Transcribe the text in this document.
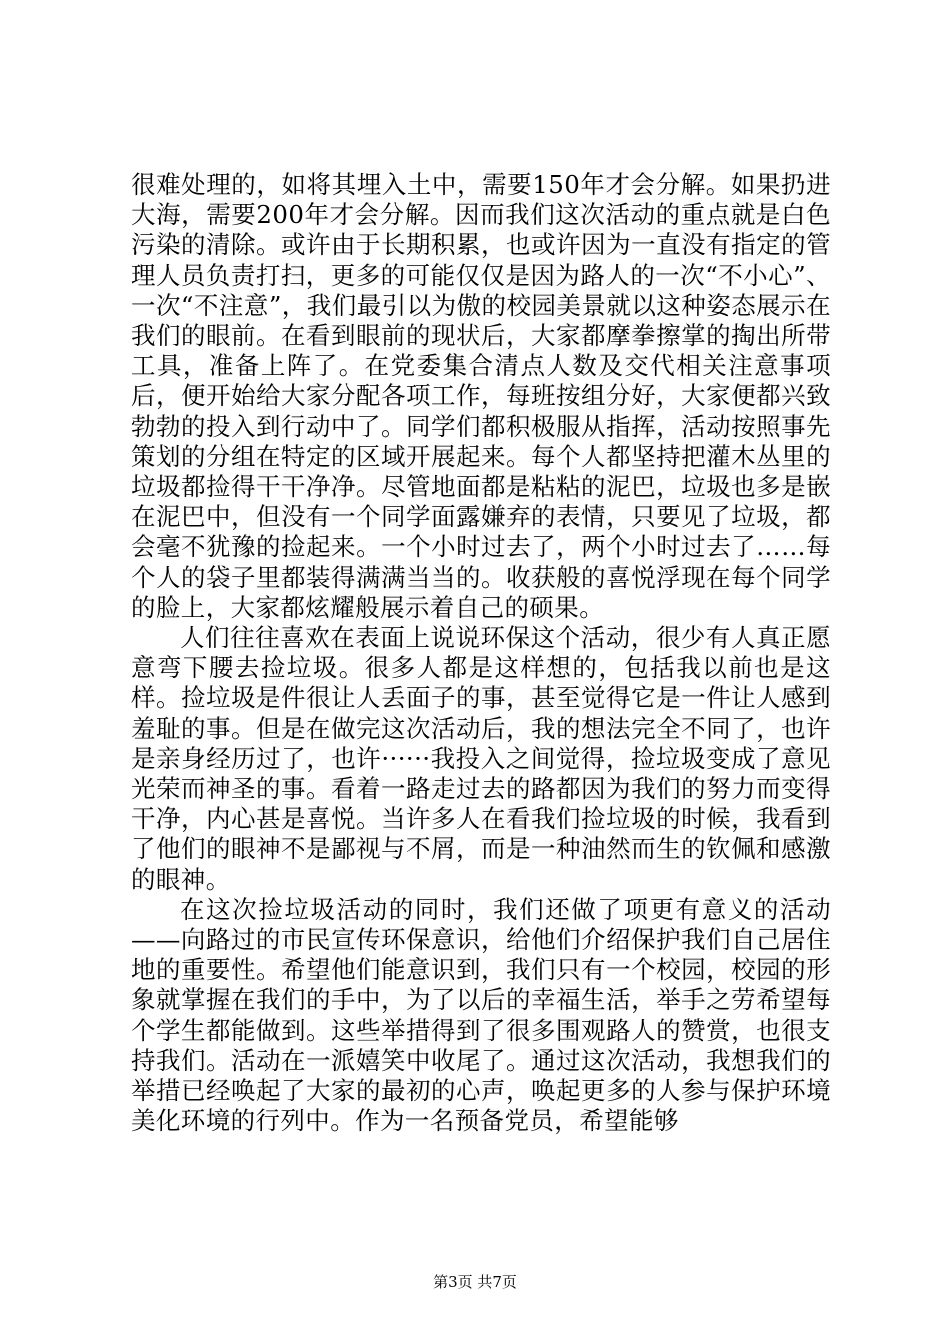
很难处理的，如将其埋入土中，需要150年才会分解。如果扔进大海，需要200年才会分解。因而我们这次活动的重点就是白色污染的清除。或许由于长期积累，也或许因为一直没有指定的管理人员负责打扫，更多的可能仅仅是因为路人的一次“不小心”、一次“不注意”，我们最引以为傲的校园美景就以这种姿态展示在我们的眼前。在看到眼前的现状后，大家都摩拳擦掌的掏出所带工具，准备上阵了。在党委集合清点人数及交代相关注意事项后，便开始给大家分配各项工作，每班按组分好，大家便都兴致勃勃的投入到行动中了。同学们都积极服从指挥，活动按照事先策划的分组在特定的区域开展起来。每个人都坚持把灌木丛里的垃圾都捡得干干净净。尽管地面都是粘粘的泥巴，垃圾也多是嵌在泥巴中，但没有一个同学面露嫌弃的表情，只要见了垃圾，都会毫不犹豫的捡起来。一个小时过去了，两个小时过去了……每个人的袋子里都装得满满当当的。收获般的喜悦浮现在每个同学的脸上，大家都炫耀般展示着自己的硕果。

人们往往喜欢在表面上说说环保这个活动，很少有人真正愿意弯下腰去捡垃圾。很多人都是这样想的，包括我以前也是这样。捡垃圾是件很让人丢面子的事，甚至觉得它是一件让人感到羞耻的事。但是在做完这次活动后，我的想法完全不同了，也许是亲身经历过了，也许······我投入之间觉得，捡垃圾变成了意见光荣而神圣的事。看着一路走过去的路都因为我们的努力而变得干净，内心甚是喜悦。当许多人在看我们捡垃圾的时候，我看到了他们的眼神不是鄙视与不屑，而是一种油然而生的钦佩和感激的眼神。

在这次捡垃圾活动的同时，我们还做了项更有意义的活动——向路过的市民宣传环保意识，给他们介绍保护我们自己居住地的重要性。希望他们能意识到，我们只有一个校园，校园的形象就掌握在我们的手中，为了以后的幸福生活，举手之劳希望每个学生都能做到。这些举措得到了很多围观路人的赞赏，也很支持我们。活动在一派嬉笑中收尾了。通过这次活动，我想我们的举措已经唤起了大家的最初的心声，唤起更多的人参与保护环境美化环境的行列中。作为一名预备党员，希望能够

第3页 共7页
